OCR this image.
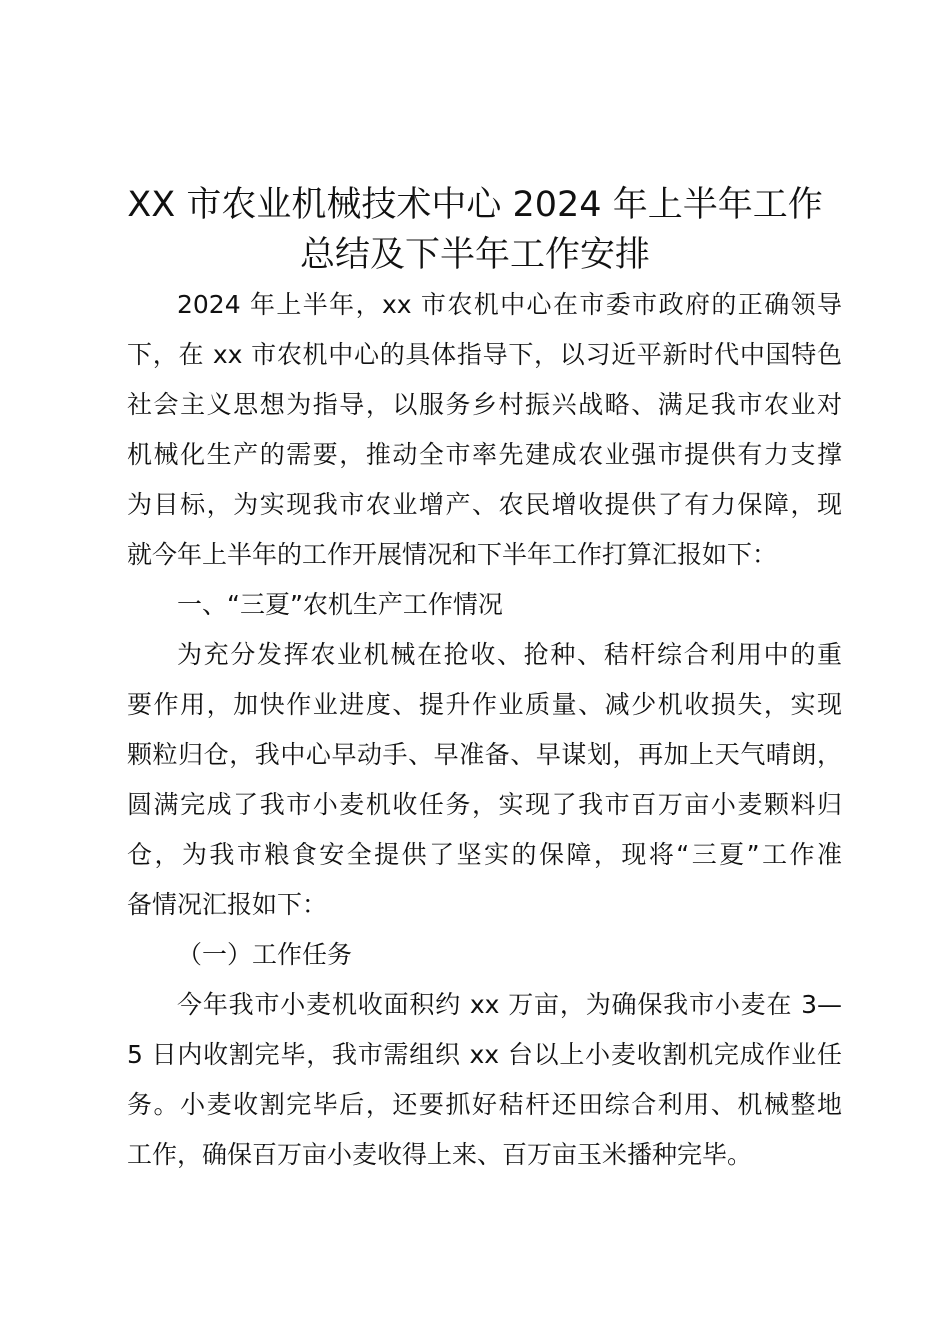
XX 市农业机械技术中心 2024 年上半年工作
总结及下半年工作安排
2024 年上半年，xx 市农机中心在市委市政府的正确领导
下，在 xx 市农机中心的具体指导下，以习近平新时代中国特色
社会主义思想为指导，以服务乡村振兴战略、满足我市农业对
机械化生产的需要，推动全市率先建成农业强市提供有力支撑
为目标，为实现我市农业增产、农民增收提供了有力保障，现
就今年上半年的工作开展情况和下半年工作打算汇报如下：
一、“三夏”农机生产工作情况
为充分发挥农业机械在抢收、抢种、秸杆综合利用中的重
要作用，加快作业进度、提升作业质量、减少机收损失，实现
颗粒归仓，我中心早动手、早准备、早谋划，再加上天气晴朗，
圆满完成了我市小麦机收任务，实现了我市百万亩小麦颗料归
仓，为我市粮食安全提供了坚实的保障，现将“三夏”工作准
备情况汇报如下：
（一）工作任务
今年我市小麦机收面积约 xx 万亩，为确保我市小麦在 3—
5 日内收割完毕，我市需组织 xx 台以上小麦收割机完成作业任
务。小麦收割完毕后，还要抓好秸杆还田综合利用、机械整地
工作，确保百万亩小麦收得上来、百万亩玉米播种完毕。
